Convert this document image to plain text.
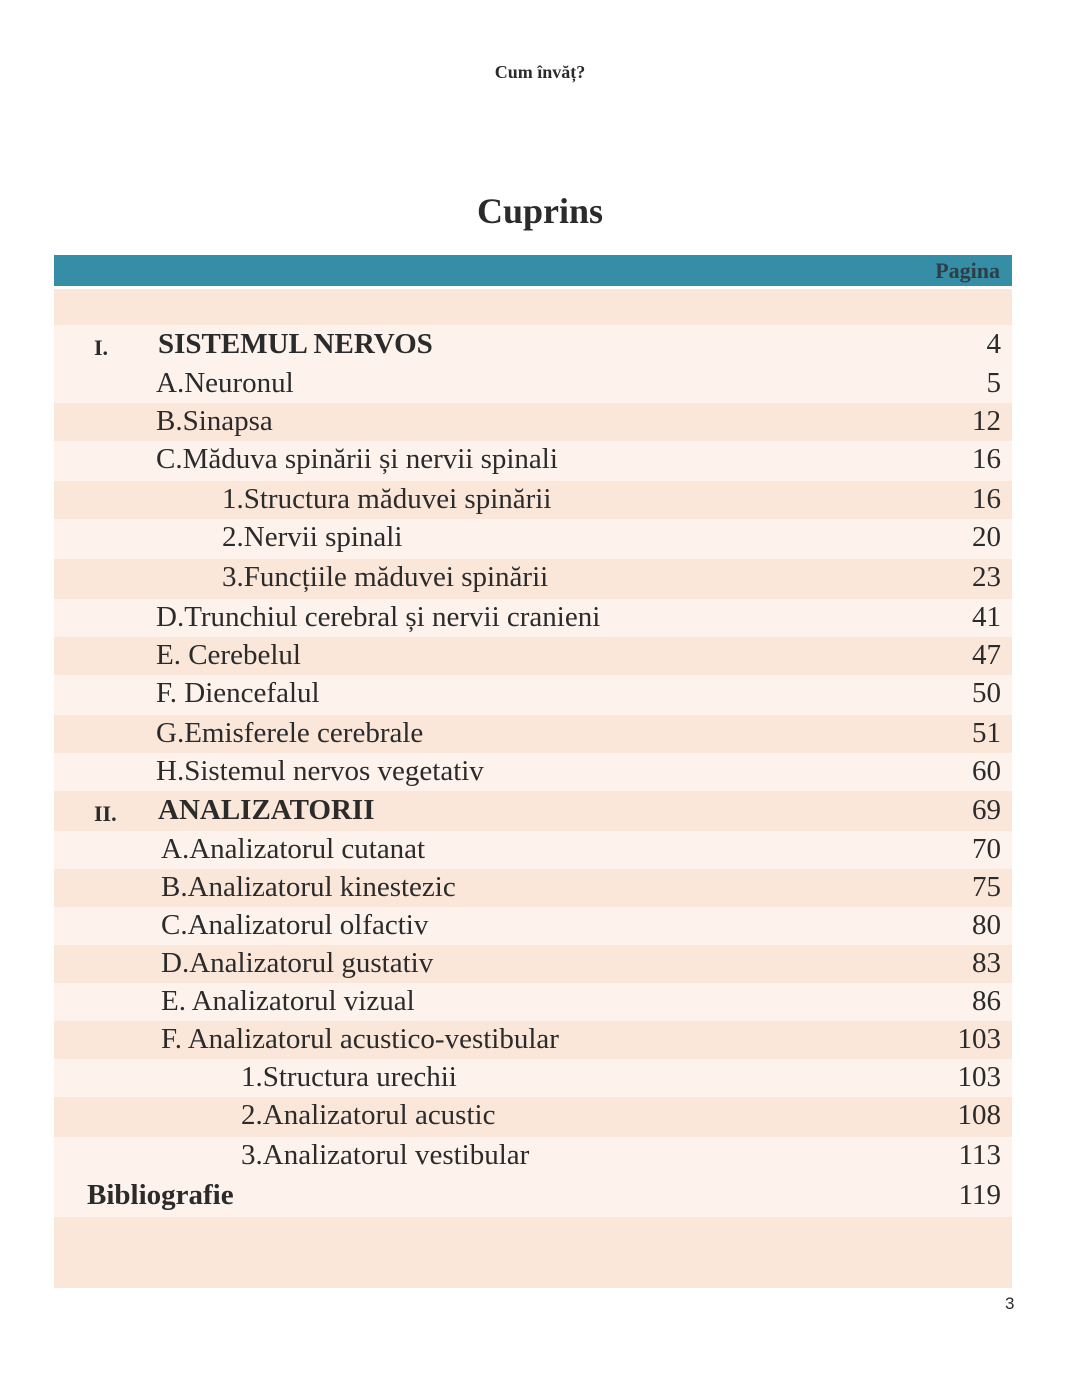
Cum învăț?
Cuprins
Pagina
I. SISTEMUL NERVOS	4
A.Neuronul	5
B.Sinapsa	12
C.Măduva spinării și nervii spinali	16
1.Structura măduvei spinării	16
2.Nervii spinali	20
3.Funcțiile măduvei spinării	23
D.Trunchiul cerebral și nervii cranieni	41
E. Cerebelul	47
F. Diencefalul	50
G.Emisferele cerebrale	51
H.Sistemul nervos vegetativ	60
II. ANALIZATORII	69
A.Analizatorul cutanat	70
B.Analizatorul kinestezic	75
C.Analizatorul olfactiv	80
D.Analizatorul gustativ	83
E. Analizatorul vizual	86
F. Analizatorul acustico-vestibular	103
1.Structura urechii	103
2.Analizatorul acustic	108
3.Analizatorul vestibular	113
Bibliografie	119
3
